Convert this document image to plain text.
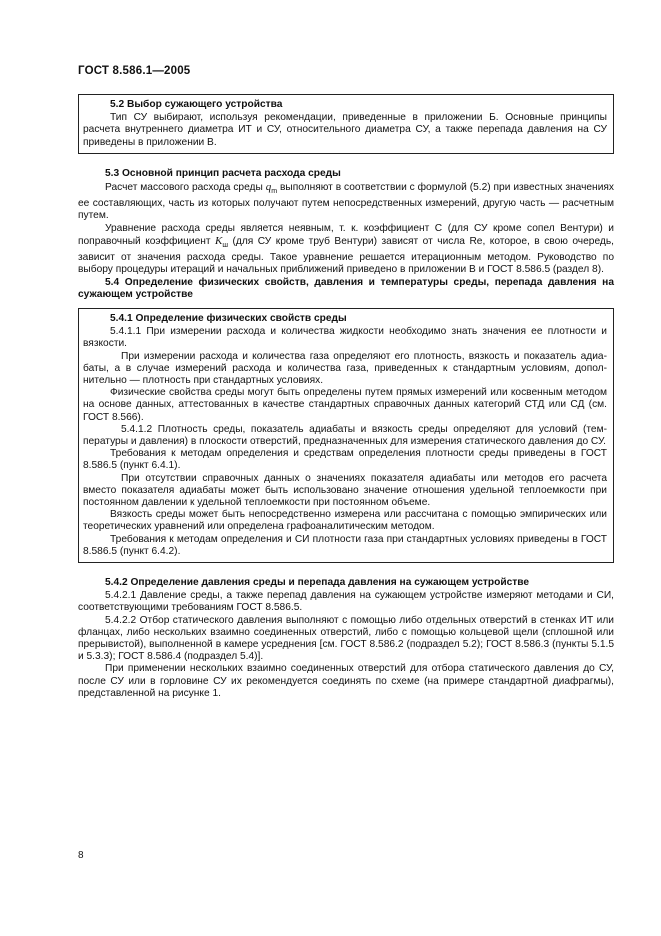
ГОСТ 8.586.1—2005

5.2 Выбор сужающего устройства

Тип СУ выбирают, используя рекомендации, приведенные в приложении Б. Основные принципы расчета внутреннего диаметра ИТ и СУ, относительного диаметра СУ, а также перепада давления на СУ приведены в приложении В.

5.3 Основной принцип расчета расхода среды

Расчет массового расхода среды $q_m$ выполняют в соответствии с формулой (5.2) при известных значениях ее составляющих, часть из которых получают путем непосредственных измерений, другую часть — расчетным путем.

Уравнение расхода среды является неявным, т. к. коэффициент С (для СУ кроме сопел Вентури) и поправочный коэффициент $K_ш$ (для СУ кроме труб Вентури) зависят от числа Re, которое, в свою очередь, зависит от значения расхода среды. Такое уравнение решается итерационным методом. Руководство по выбору процедуры итераций и начальных приближений приведено в приложении В и ГОСТ 8.586.5 (раздел 8).

5.4 Определение физических свойств, давления и температуры среды, перепада давления на сужающем устройстве

5.4.1 Определение физических свойств среды

5.4.1.1 При измерении расхода и количества жидкости необходимо знать значения ее плотности и вязкости.

При измерении расхода и количества газа определяют его плотность, вязкость и показатель адиабаты, а в случае измерений расхода и количества газа, приведенных к стандартным условиям, дополнительно — плотность при стандартных условиях.

Физические свойства среды могут быть определены путем прямых измерений или косвенным методом на основе данных, аттестованных в качестве стандартных справочных данных категорий СТД или СД (см. ГОСТ 8.566).

5.4.1.2 Плотность среды, показатель адиабаты и вязкость среды определяют для условий (температуры и давления) в плоскости отверстий, предназначенных для измерения статического давления до СУ.

Требования к методам определения и средствам определения плотности среды приведены в ГОСТ 8.586.5 (пункт 6.4.1).

При отсутствии справочных данных о значениях показателя адиабаты или методов его расчета вместо показателя адиабаты может быть использовано значение отношения удельной теплоемкости при постоянном давлении к удельной теплоемкости при постоянном объеме.

Вязкость среды может быть непосредственно измерена или рассчитана с помощью эмпирических или теоретических уравнений или определена графоаналитическим методом.

Требования к методам определения и СИ плотности газа при стандартных условиях приведены в ГОСТ 8.586.5 (пункт 6.4.2).

5.4.2 Определение давления среды и перепада давления на сужающем устройстве

5.4.2.1 Давление среды, а также перепад давления на сужающем устройстве измеряют методами и СИ, соответствующими требованиям ГОСТ 8.586.5.

5.4.2.2 Отбор статического давления выполняют с помощью либо отдельных отверстий в стенках ИТ или фланцах, либо нескольких взаимно соединенных отверстий, либо с помощью кольцевой щели (сплошной или прерывистой), выполненной в камере усреднения [см. ГОСТ 8.586.2 (подраздел 5.2); ГОСТ 8.586.3 (пункты 5.1.5 и 5.3.3); ГОСТ 8.586.4 (подраздел 5.4)].

При применении нескольких взаимно соединенных отверстий для отбора статического давления до СУ, после СУ или в горловине СУ их рекомендуется соединять по схеме (на примере стандартной диафрагмы), представленной на рисунке 1.

8
